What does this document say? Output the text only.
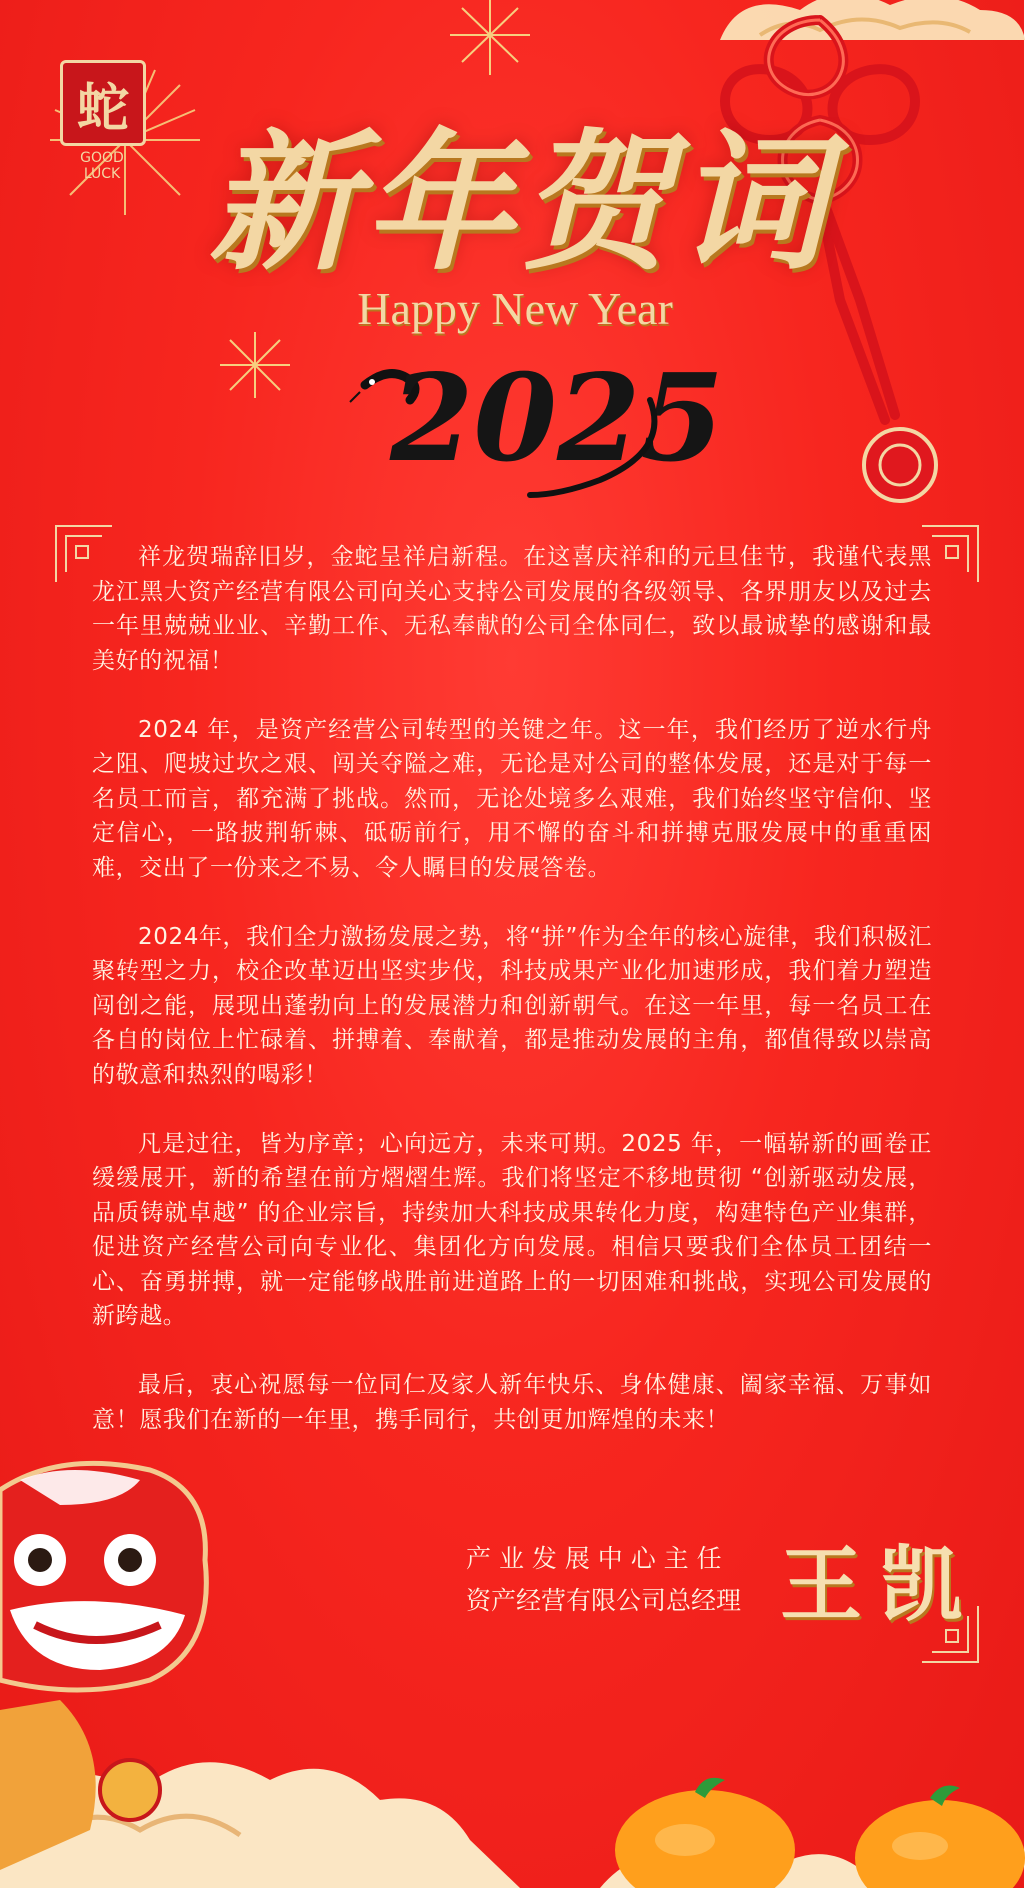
蛇
GOOD LUCK 新年贺词
Happy New Year
2025

祥龙贺瑞辞旧岁，金蛇呈祥启新程。在这喜庆祥和的元旦佳节，我谨代表黑龙江黑大资产经营有限公司向关心支持公司发展的各级领导、各界朋友以及过去一年里兢兢业业、辛勤工作、无私奉献的公司全体同仁，致以最诚挚的感谢和最美好的祝福！

2024 年，是资产经营公司转型的关键之年。这一年，我们经历了逆水行舟之阻、爬坡过坎之艰、闯关夺隘之难，无论是对公司的整体发展，还是对于每一名员工而言，都充满了挑战。然而，无论处境多么艰难，我们始终坚守信仰、坚定信心，一路披荆斩棘、砥砺前行，用不懈的奋斗和拼搏克服发展中的重重困难，交出了一份来之不易、令人瞩目的发展答卷。

2024年，我们全力激扬发展之势，将“拼”作为全年的核心旋律，我们积极汇聚转型之力，校企改革迈出坚实步伐，科技成果产业化加速形成，我们着力塑造闯创之能，展现出蓬勃向上的发展潜力和创新朝气。在这一年里，每一名员工在各自的岗位上忙碌着、拼搏着、奉献着，都是推动发展的主角，都值得致以崇高的敬意和热烈的喝彩！

凡是过往，皆为序章；心向远方，未来可期。2025 年，一幅崭新的画卷正缓缓展开，新的希望在前方熠熠生辉。我们将坚定不移地贯彻 “创新驱动发展，品质铸就卓越” 的企业宗旨，持续加大科技成果转化力度，构建特色产业集群，促进资产经营公司向专业化、集团化方向发展。相信只要我们全体员工团结一心、奋勇拼搏，就一定能够战胜前进道路上的一切困难和挑战，实现公司发展的新跨越。

最后，衷心祝愿每一位同仁及家人新年快乐、身体健康、阖家幸福、万事如意！愿我们在新的一年里，携手同行，共创更加辉煌的未来！

产 业 发 展 中 心 主 任
资产经营有限公司总经理 王凯
